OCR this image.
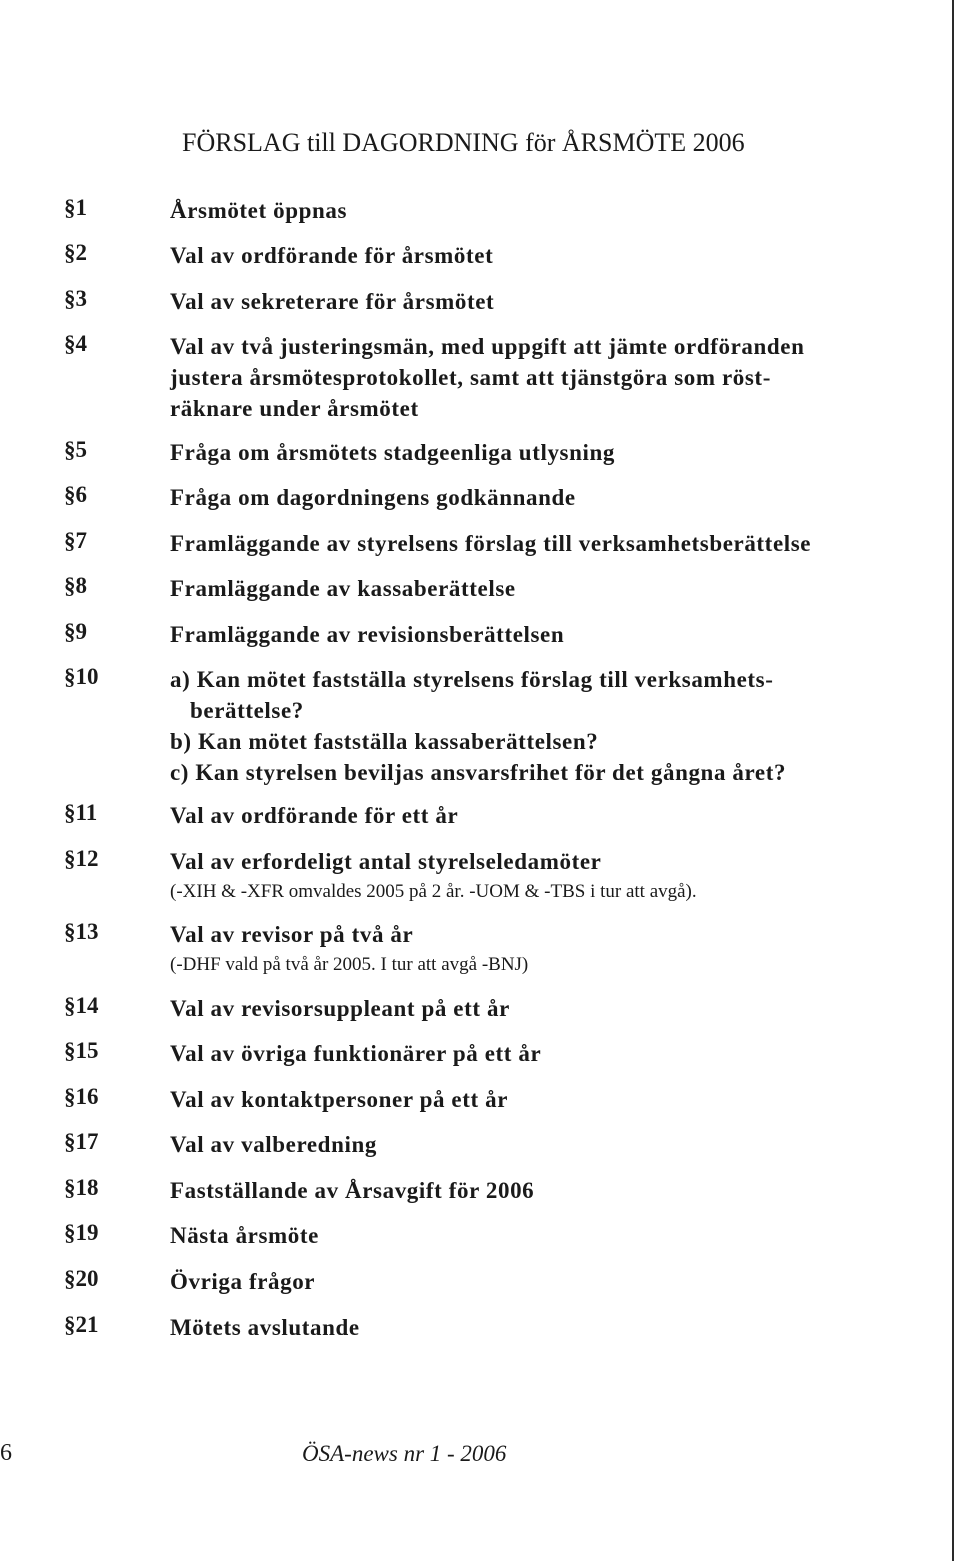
FÖRSLAG till DAGORDNING för ÅRSMÖTE 2006
§1	Årsmötet öppnas
§2	Val av ordförande för årsmötet
§3	Val av sekreterare för årsmötet
§4	Val av två justeringsmän, med uppgift att jämte ordföranden
justera årsmötesprotokollet, samt att tjänstgöra som röst-
räknare under årsmötet
§5	Fråga om årsmötets stadgeenliga utlysning
§6	Fråga om dagordningens godkännande
§7	Framläggande av styrelsens förslag till verksamhetsberättelse
§8	Framläggande av kassaberättelse
§9	Framläggande av revisionsberättelsen
§10	a) Kan mötet fastställa styrelsens förslag till verksamhets-
berättelse?
b) Kan mötet fastställa kassaberättelsen?
c) Kan styrelsen beviljas ansvarsfrihet för det gångna året?
§11	Val av ordförande för ett år
§12	Val av erfordeligt antal styrelseledamöter
(-XIH & -XFR omvaldes 2005 på 2 år. -UOM & -TBS i tur att avgå).
§13	Val av revisor på två år
(-DHF vald på två år 2005. I tur att avgå -BNJ)
§14	Val av revisorsuppleant på ett år
§15	Val av övriga funktionärer på ett år
§16	Val av kontaktpersoner på ett år
§17	Val av valberedning
§18	Fastställande av Årsavgift för 2006
§19	Nästa årsmöte
§20	Övriga frågor
§21	Mötets avslutande
6	ÖSA-news nr 1 - 2006
